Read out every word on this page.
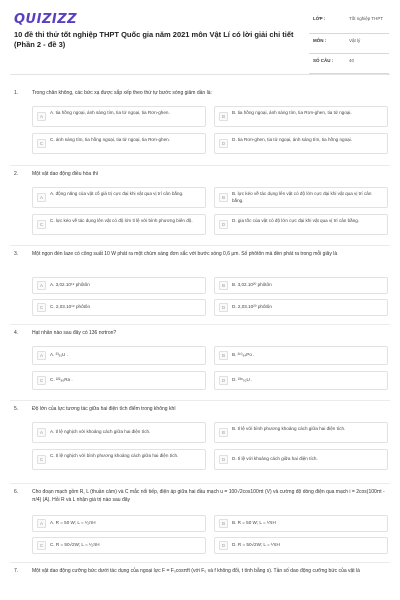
QUIZIZZ
10 đề thi thử tốt nghiệp THPT Quốc gia năm 2021 môn Vật Lí có lời giải chi tiết (Phần 2 - đề 3)
LỚP :	Tốt nghiệp THPT
MÔN :	Vật lý
SỐ CÂU :	40
1.	Trong chân không, các bức xạ được sắp xếp theo thứ tự bước sóng giảm dần là:
A
A. tia hồng ngoại, ánh sáng tím, tia tử ngoại, tia Rơn-ghen.
B
B. tia hồng ngoại, ánh sáng tím, tia Rơn-ghen, tia tử ngoại.
C
C. ánh sáng tím, tia hồng ngoại, tia tử ngoại, tia Rơn-ghen.
D
D. tia Rơn-ghen, tia tử ngoại, ánh sáng tím, tia hồng ngoại.
2.	Một vật dao động điều hòa thì
A
A. động năng của vật cố giá trị cực đại khi vật qua vị trí cân bằng.
B
B. lực kéo về tác dụng lên vật có độ lớn cực đại khi vật qua vị trí cân bằng.
C
C. lực kéo về tác dụng lên vật có độ lớn tỉ lệ với bình phương biên độ.
D
D. gia tốc của vật có độ lớn cực đại khi vật qua vị trí cân bằng.
3.	Một ngọn đèn laze có công suất 10 W phát ra một chùm sáng đơn sắc với bước sóng 0,6 μm. Số phôtôn mà đèn phát ra trong mỗi giây là
A	A. 3,02.10¹⁹ phôtôn	B	B. 3,02.10²⁰ phôtôn
C	C. 2,03.10¹⁹ phôtôn	D	D. 2,03.10²⁰ phôtôn
4.	Hạt nhân nào sau đây có 136 nơtron?
A	A. ²³₉₁U .	B	B. ²¹⁰₈₄Po .
C	C. ²²²₈₆Ra .	D	D. ²³⁸₉₂U .
5.	Độ lớn của lực tương tác giữa hai điện tích điểm trong không khí
A	A. tỉ lệ nghịch với khoảng cách giữa hai điện tích.	B
B. tỉ lệ với bình phương khoảng cách giữa hai điện tích.
C
C. tỉ lệ nghịch với bình phương khoảng cách giữa hai điện tích.
D	D. tỉ lệ với khoảng cách giữa hai điện tích.
6.	Cho đoạn mạch gồm R, L (thuần cảm) và C mắc nối tiếp, điện áp giữa hai đầu mạch u = 100√2cos100πt (V) và cường độ dòng điện qua mạch i = 2cos(100πt - π/4) (A). Hỏi R và L nhận giá trị nào sau đây
A	A. R = 50 W; L = ¹⁄₂πH	B	B. R = 50 W; L = ¹⁄πH
C	C. R = 50√2W; L = ¹⁄₂πH	D	D. R = 50√2W; L = ¹⁄πH
7.	Một vật dao động cưỡng bức dưới tác dụng của ngoại lực F = F₀cosπft (với F₀ và f không đổi, t tính bằng s). Tần số dao động cưỡng bức của vật là
